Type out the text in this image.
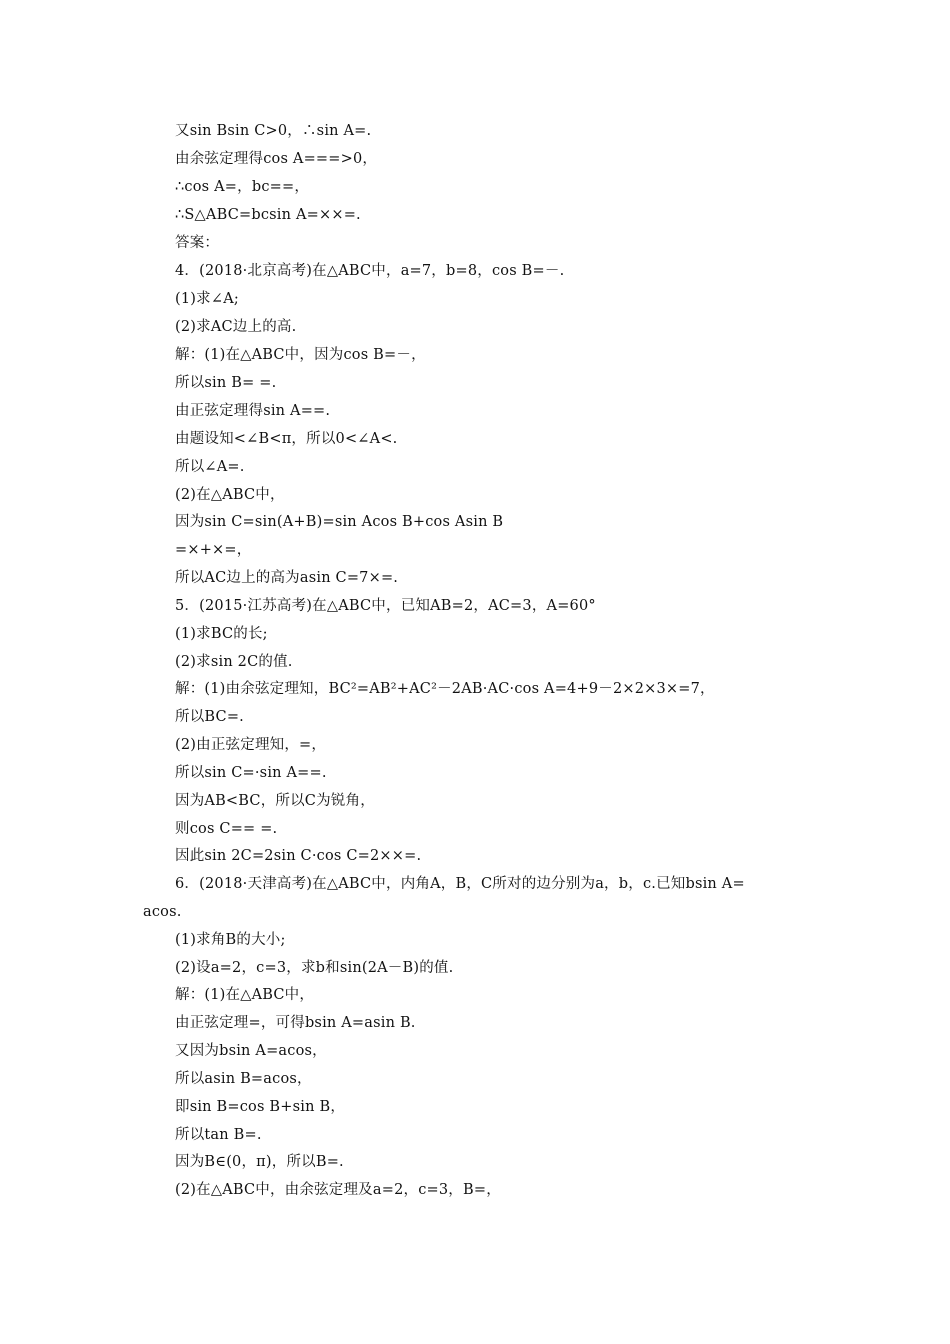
又sin Bsin C>0，∴sin A=.
由余弦定理得cos A===>0，
∴cos A=，bc==，
∴S△ABC=bcsin A=××=.
答案：
4．(2018·北京高考)在△ABC中，a=7，b=8，cos B=－.
(1)求∠A;
(2)求AC边上的高.
解：(1)在△ABC中，因为cos B=－，
所以sin B= =.
由正弦定理得sin A==.
由题设知<∠B<π，所以0<∠A<.
所以∠A=.
(2)在△ABC中，
因为sin C=sin(A+B)=sin Acos B+cos Asin B
=×+×=，
所以AC边上的高为asin C=7×=.
5．(2015·江苏高考)在△ABC中，已知AB=2，AC=3，A=60°
(1)求BC的长;
(2)求sin 2C的值.
解：(1)由余弦定理知，BC²=AB²+AC²－2AB·AC·cos A=4+9－2×2×3×=7，
所以BC=.
(2)由正弦定理知，=，
所以sin C=·sin A==.
因为AB<BC，所以C为锐角，
则cos C== =.
因此sin 2C=2sin C·cos C=2××=.
6．(2018·天津高考)在△ABC中，内角A，B，C所对的边分别为a，b，c.已知bsin A=
acos.
(1)求角B的大小;
(2)设a=2，c=3，求b和sin(2A－B)的值.
解：(1)在△ABC中，
由正弦定理=，可得bsin A=asin B.
又因为bsin A=acos，
所以asin B=acos，
即sin B=cos B+sin B，
所以tan B=.
因为B∈(0，π)，所以B=.
(2)在△ABC中，由余弦定理及a=2，c=3，B=，
